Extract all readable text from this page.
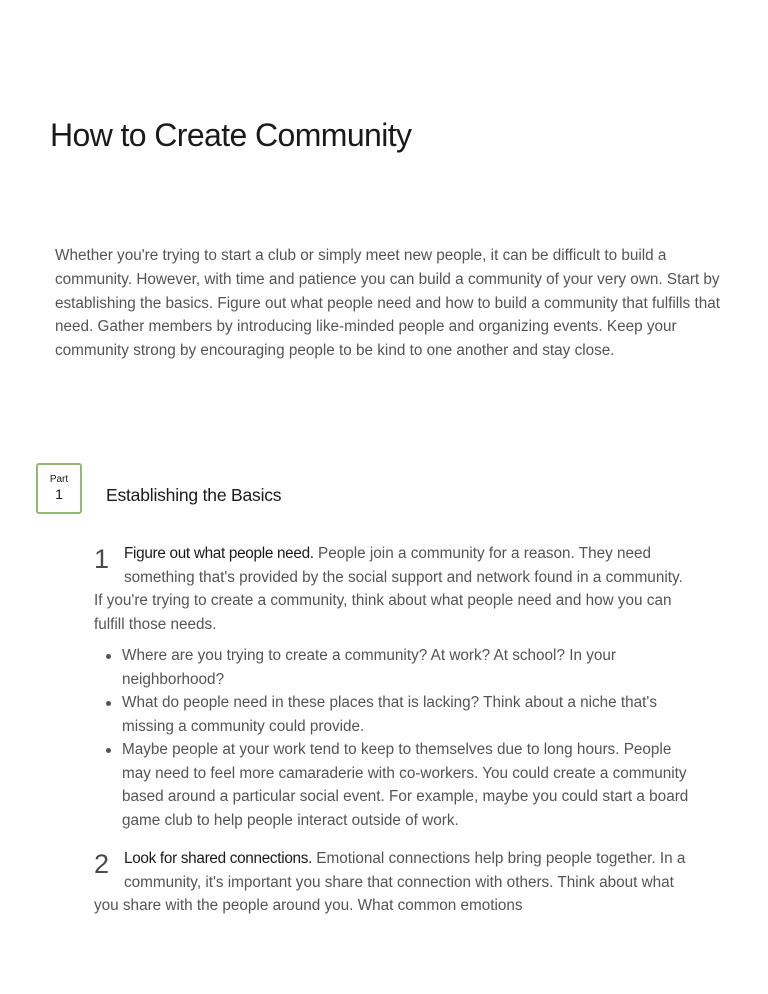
How to Create Community

Whether you're trying to start a club or simply meet new people, it can be difficult to build a community. However, with time and patience you can build a community of your very own. Start by establishing the basics. Figure out what people need and how to build a community that fulfills that need. Gather members by introducing like-minded people and organizing events. Keep your community strong by encouraging people to be kind to one another and stay close.

Part
1	Establishing the Basics
1 Figure out what people need. People join a community for a reason. They need something that's provided by the social support and network found in a community. If you're trying to create a community, think about what people need and how you can fulfill those needs.
Where are you trying to create a community? At work? At school? In your neighborhood?
What do people need in these places that is lacking? Think about a niche that's missing a community could provide.
Maybe people at your work tend to keep to themselves due to long hours. People may need to feel more camaraderie with co-workers. You could create a community based around a particular social event. For example, maybe you could start a board game club to help people interact outside of work.
2 Look for shared connections. Emotional connections help bring people together. In a community, it's important you share that connection with others. Think about what you share with the people around you. What common emotions
